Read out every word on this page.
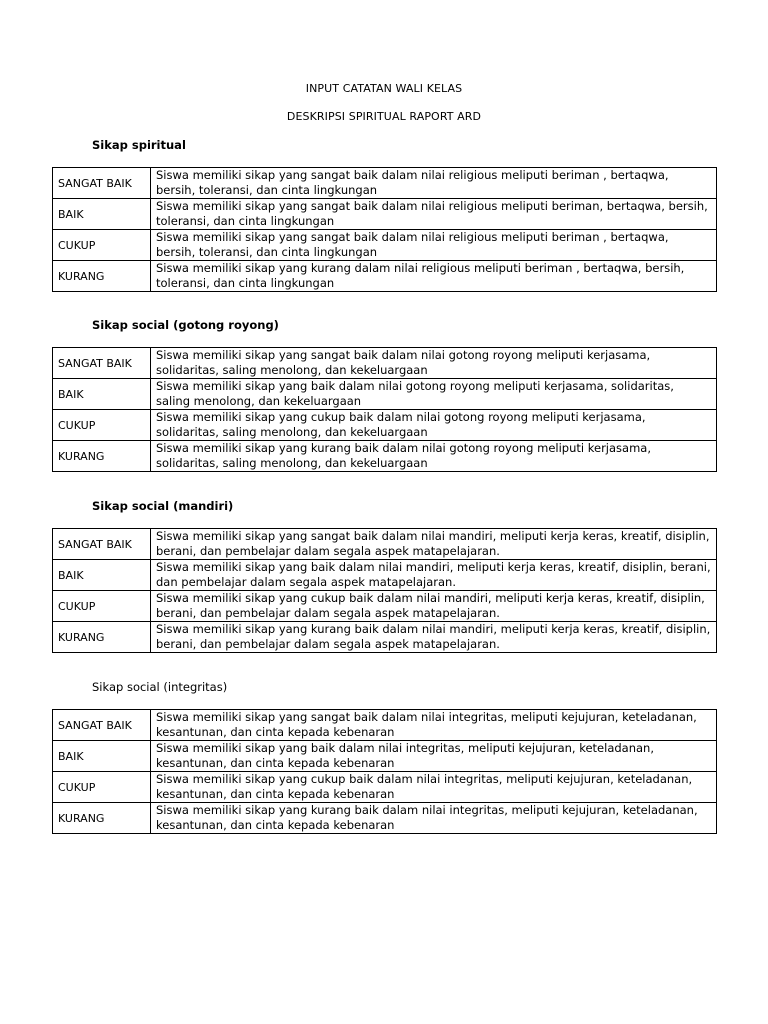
INPUT CATATAN WALI KELAS
DESKRIPSI SPIRITUAL RAPORT ARD
Sikap spiritual
SANGAT BAIK	Siswa memiliki sikap yang sangat baik dalam nilai religious meliputi beriman , bertaqwa, bersih, toleransi, dan cinta lingkungan
BAIK	Siswa memiliki sikap yang sangat baik dalam nilai religious meliputi beriman, bertaqwa, bersih, toleransi, dan cinta lingkungan
CUKUP	Siswa memiliki sikap yang sangat baik dalam nilai religious meliputi beriman , bertaqwa, bersih, toleransi, dan cinta lingkungan
KURANG	Siswa memiliki sikap yang kurang dalam nilai religious meliputi beriman , bertaqwa, bersih, toleransi, dan cinta lingkungan
Sikap social (gotong royong)
SANGAT BAIK	Siswa memiliki sikap yang sangat baik dalam nilai gotong royong meliputi kerjasama, solidaritas, saling menolong, dan kekeluargaan
BAIK	Siswa memiliki sikap yang baik dalam nilai gotong royong meliputi kerjasama, solidaritas, saling menolong, dan kekeluargaan
CUKUP	Siswa memiliki sikap yang cukup baik dalam nilai gotong royong meliputi kerjasama, solidaritas, saling menolong, dan kekeluargaan
KURANG	Siswa memiliki sikap yang kurang baik dalam nilai gotong royong meliputi kerjasama, solidaritas, saling menolong, dan kekeluargaan
Sikap social (mandiri)
SANGAT BAIK	Siswa memiliki sikap yang sangat baik dalam nilai mandiri, meliputi kerja keras, kreatif, disiplin, berani, dan pembelajar dalam segala aspek matapelajaran.
BAIK	Siswa memiliki sikap yang baik dalam nilai mandiri, meliputi kerja keras, kreatif, disiplin, berani, dan pembelajar dalam segala aspek matapelajaran.
CUKUP	Siswa memiliki sikap yang cukup baik dalam nilai mandiri, meliputi kerja keras, kreatif, disiplin, berani, dan pembelajar dalam segala aspek matapelajaran.
KURANG	Siswa memiliki sikap yang kurang baik dalam nilai mandiri, meliputi kerja keras, kreatif, disiplin, berani, dan pembelajar dalam segala aspek matapelajaran.
Sikap social (integritas)
SANGAT BAIK	Siswa memiliki sikap yang sangat baik dalam nilai integritas, meliputi kejujuran, keteladanan, kesantunan, dan cinta kepada kebenaran
BAIK	Siswa memiliki sikap yang baik dalam nilai integritas, meliputi kejujuran, keteladanan, kesantunan, dan cinta kepada kebenaran
CUKUP	Siswa memiliki sikap yang cukup baik dalam nilai integritas, meliputi kejujuran, keteladanan, kesantunan, dan cinta kepada kebenaran
KURANG	Siswa memiliki sikap yang kurang baik dalam nilai integritas, meliputi kejujuran, keteladanan, kesantunan, dan cinta kepada kebenaran
